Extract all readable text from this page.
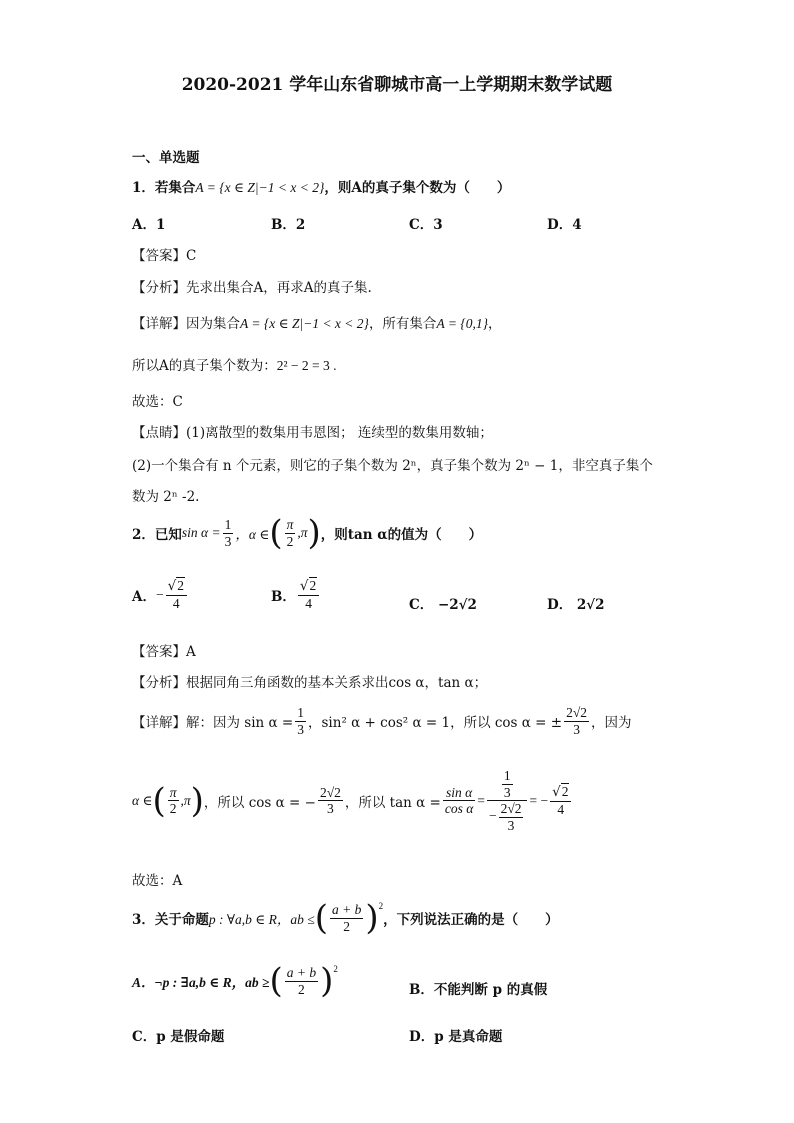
2020-2021 学年山东省聊城市高一上学期期末数学试题
一、单选题
1．若集合A = {x ∈ Z|−1 < x < 2}，则A的真子集个数为（　　）
A．1	B．2	C．3	D．4
【答案】C
【分析】先求出集合A，再求A的真子集.
【详解】因为集合A = {x ∈ Z|−1 < x < 2}，所有集合A = {0,1}，
所以A的真子集个数为：2² − 2 = 3 .
故选：C
【点睛】(1)离散型的数集用韦恩图； 连续型的数集用数轴；
(2)一个集合有 n 个元素，则它的子集个数为 2ⁿ，真子集个数为 2ⁿ − 1，非空真子集个
数为 2ⁿ -2.
2． 已知 $\sin \alpha = \frac{1}{3}$ ，α ∈ ( $\frac{\pi}{2} ,\pi$ ) ，则tan α的值为（　　）
A． − $\frac{√2}{4}$	B． $\frac{√2}{4}$	C． −2√2	D． 2√2
【答案】A
【分析】根据同角三角函数的基本关系求出cos α，tan α；
【详解】 解：因为 $\sin \alpha = \frac{1}{3}$ ，sin² α + cos² α = 1，所以 cos α = ± $\frac{2√2}{3}$ ，因为
α ∈ ( $\frac{\pi}{2} ,\pi$ ) ，所以 cos α = − $\frac{2√2}{3}$ ，所以 $\tan \alpha = \frac{\text{sin α}}{\text{cos α}} = \frac{\frac{1}{3}}{- \frac{2√2}{3}}$ = − $\frac{√2}{4}$
故选：A
3． 关于命题 p : ∀a,b ∈ R，ab ≤ ( $\frac{a + b}{2}$ ) 2
，下列说法正确的是（　　）
A．¬p : ∃a,b ∈ R，ab ≥ ( $\frac{a + b}{2}$ ) 2
B．不能判断 p 的真假
C．p 是假命题	D．p 是真命题
